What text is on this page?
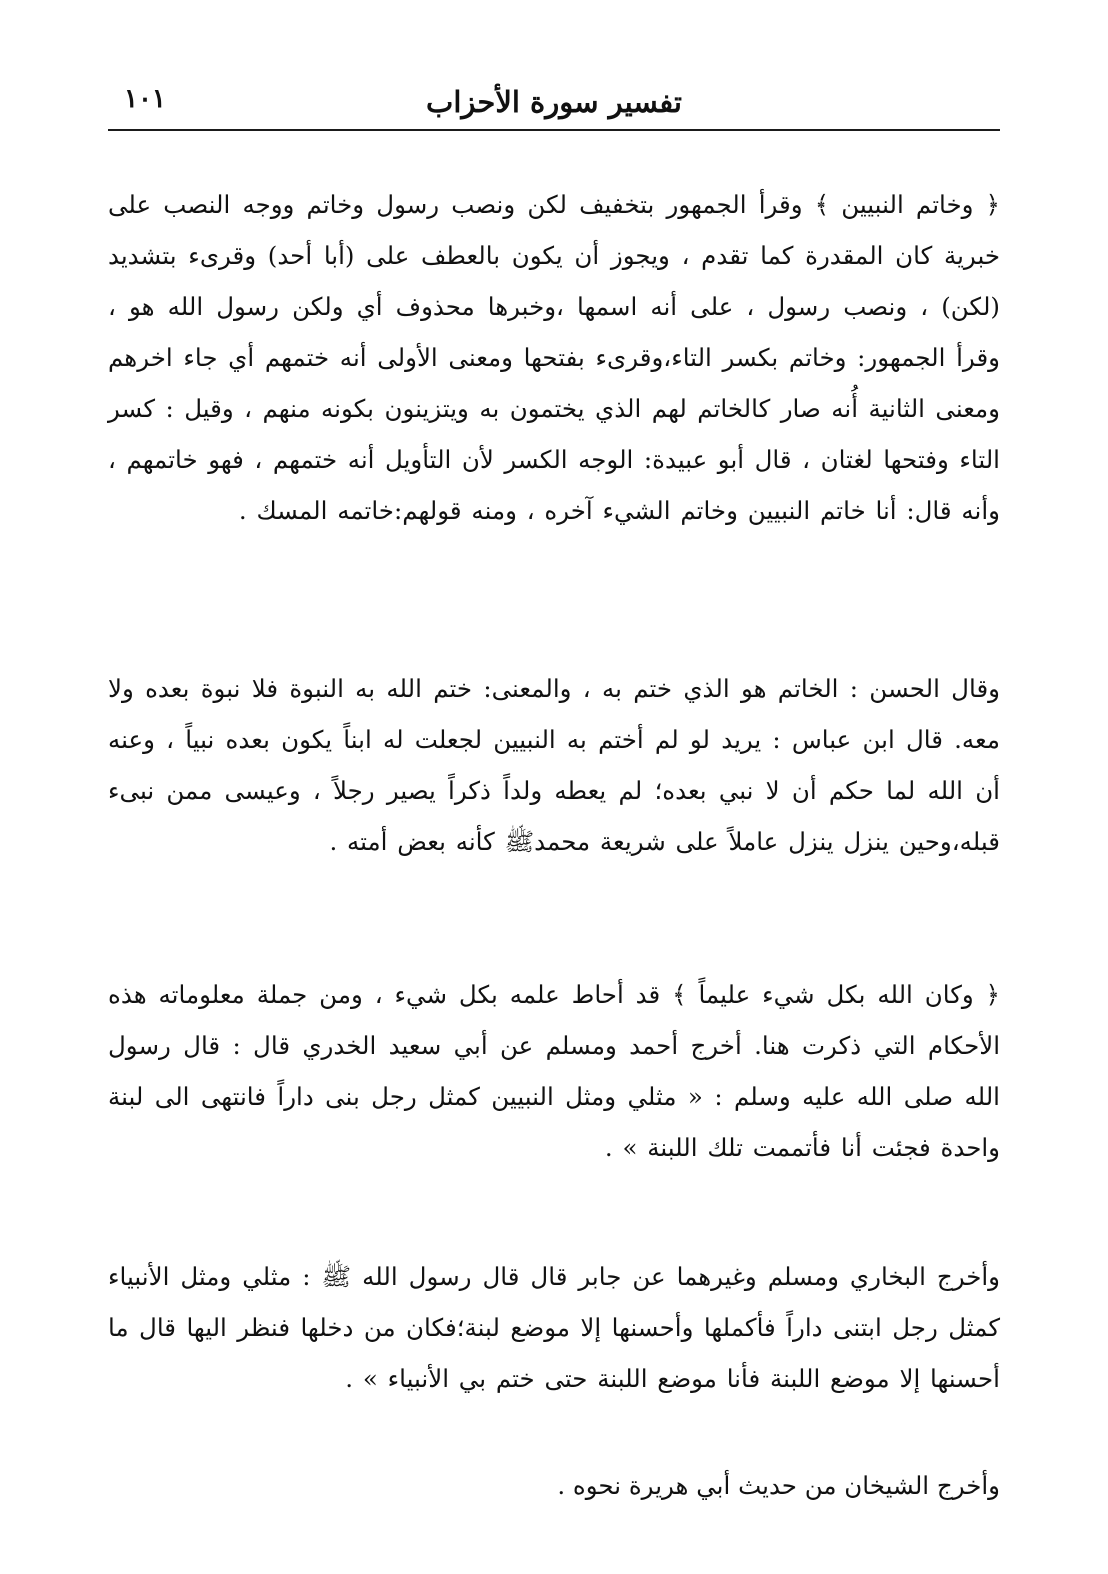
١٠١	تفسير سورة الأحزاب

﴿ وخاتم النبيين ﴾ وقرأ الجمهور بتخفيف لكن ونصب رسول وخاتم ووجه النصب على خبرية كان المقدرة كما تقدم ، ويجوز أن يكون بالعطف على (أبا أحد) وقرىء بتشديد (لكن) ، ونصب رسول ، على أنه اسمها ،وخبرها محذوف أي ولكن رسول الله هو ، وقرأ الجمهور: وخاتم بكسر التاء،وقرىء بفتحها ومعنى الأولى أنه ختمهم أي جاء اخرهم ومعنى الثانية أُنه صار كالخاتم لهم الذي يختمون به ويتزينون بكونه منهم ، وقيل : كسر التاء وفتحها لغتان ، قال أبو عبيدة: الوجه الكسر لأن التأويل أنه ختمهم ، فهو خاتمهم ، وأنه قال: أنا خاتم النبيين وخاتم الشيء آخره ، ومنه قولهم:خاتمه المسك .

وقال الحسن : الخاتم هو الذي ختم به ، والمعنى: ختم الله به النبوة فلا نبوة بعده ولا معه. قال ابن عباس : يريد لو لم أختم به النبيين لجعلت له ابناً يكون بعده نبياً ، وعنه أن الله لما حكم أن لا نبي بعده؛ لم يعطه ولداً ذكراً يصير رجلاً ، وعيسى ممن نبىء قبله،وحين ينزل ينزل عاملاً على شريعة محمدﷺ كأنه بعض أمته .

﴿ وكان الله بكل شيء عليماً ﴾ قد أحاط علمه بكل شيء ، ومن جملة معلوماته هذه الأحكام التي ذكرت هنا. أخرج أحمد ومسلم عن أبي سعيد الخدري قال : قال رسول الله صلى الله عليه وسلم : « مثلي ومثل النبيين كمثل رجل بنى داراً فانتهى الى لبنة واحدة فجئت أنا فأتممت تلك اللبنة » .

وأخرج البخاري ومسلم وغيرهما عن جابر قال قال رسول الله ﷺ : مثلي ومثل الأنبياء كمثل رجل ابتنى داراً فأكملها وأحسنها إلا موضع لبنة؛فكان من دخلها فنظر اليها قال ما أحسنها إلا موضع اللبنة فأنا موضع اللبنة حتى ختم بي الأنبياء » .

وأخرج الشيخان من حديث أبي هريرة نحوه .
